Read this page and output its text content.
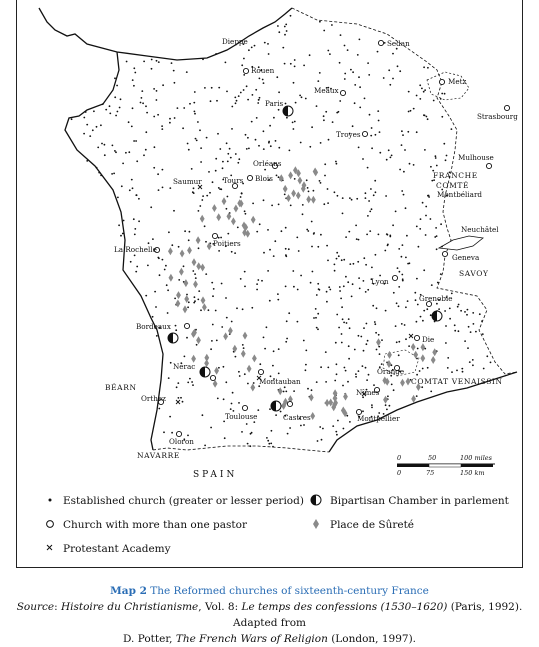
Dieppe
Rouen
Paris
Meaux
Sedan
Metz
Strasbourg
Troyes
Orléans
Blois
Tours
Saumur
Poitiers
La Rochelle
Mulhouse
FRANCHE
COMTÉ
Montbéliard
Neuchâtel
Geneva
SAVOY
Lyon
Grenoble
Die
Bordeaux
Nérac
Montauban
Orange
COMTAT VENAISSIN
Nîmes
BÉARN
Orthez
Toulouse	Castres	Montpellier
Oloron
NAVARRE
SPAIN
0	50	100 miles
0	75	150 km
Established church (greater or lesser period)
Church with more than one pastor
Protestant Academy
Bipartisan Chamber in parlement
Place de Sûreté
Map 2 The Reformed churches of sixteenth-century France
Source: Histoire du Christianisme, Vol. 8: Le temps des confessions (1530–1620) (Paris, 1992). Adapted from
D. Potter, The French Wars of Religion (London, 1997).
